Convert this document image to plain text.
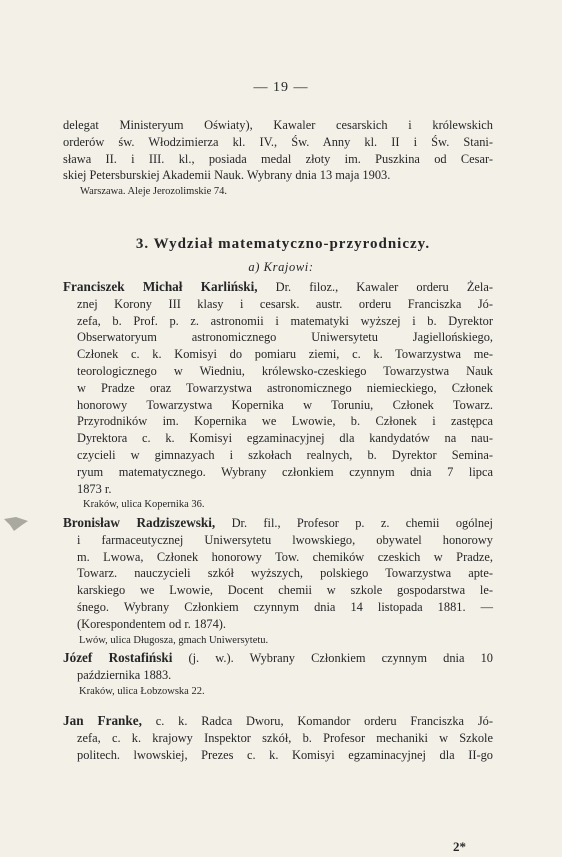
— 19 —
delegat Ministeryum Oświaty), Kawaler cesarskich i królewskich
orderów św. Włodzimierza kl. IV., Św. Anny kl. II i Św. Stani-
sława II. i III. kl., posiada medal złoty im. Puszkina od Cesar-
skiej Petersburskiej Akademii Nauk. Wybrany dnia 13 maja 1903.
Warszawa. Aleje Jerozolimskie 74.
3. Wydział matematyczno-przyrodniczy.
a) Krajowi:
Franciszek Michał Karliński, Dr. filoz., Kawaler orderu Żela-
znej Korony III klasy i cesarsk. austr. orderu Franciszka Jó-
zefa, b. Prof. p. z. astronomii i matematyki wyższej i b. Dyrektor
Obserwatoryum astronomicznego Uniwersytetu Jagiellońskiego,
Członek c. k. Komisyi do pomiaru ziemi, c. k. Towarzystwa me-
teorologicznego w Wiedniu, królewsko-czeskiego Towarzystwa Nauk
w Pradze oraz Towarzystwa astronomicznego niemieckiego, Członek
honorowy Towarzystwa Kopernika w Toruniu, Członek Towarz.
Przyrodników im. Kopernika we Lwowie, b. Członek i zastępca
Dyrektora c. k. Komisyi egzaminacyjnej dla kandydatów na nau-
czycieli w gimnazyach i szkołach realnych, b. Dyrektor Semina-
ryum matematycznego. Wybrany członkiem czynnym dnia 7 lipca
1873 r.
Kraków, ulica Kopernika 36.
Bronisław Radziszewski, Dr. fil., Profesor p. z. chemii ogólnej
i farmaceutycznej Uniwersytetu lwowskiego, obywatel honorowy
m. Lwowa, Członek honorowy Tow. chemików czeskich w Pradze,
Towarz. nauczycieli szkół wyższych, polskiego Towarzystwa apte-
karskiego we Lwowie, Docent chemii w szkole gospodarstwa le-
śnego. Wybrany Członkiem czynnym dnia 14 listopada 1881. —
(Korespondentem od r. 1874).
Lwów, ulica Długosza, gmach Uniwersytetu.
Józef Rostafiński (j. w.). Wybrany Członkiem czynnym dnia 10
października 1883.
Kraków, ulica Łobzowska 22.
Jan Franke, c. k. Radca Dworu, Komandor orderu Franciszka Jó-
zefa, c. k. krajowy Inspektor szkół, b. Profesor mechaniki w Szkole
politech. lwowskiej, Prezes c. k. Komisyi egzaminacyjnej dla II-go
2*
